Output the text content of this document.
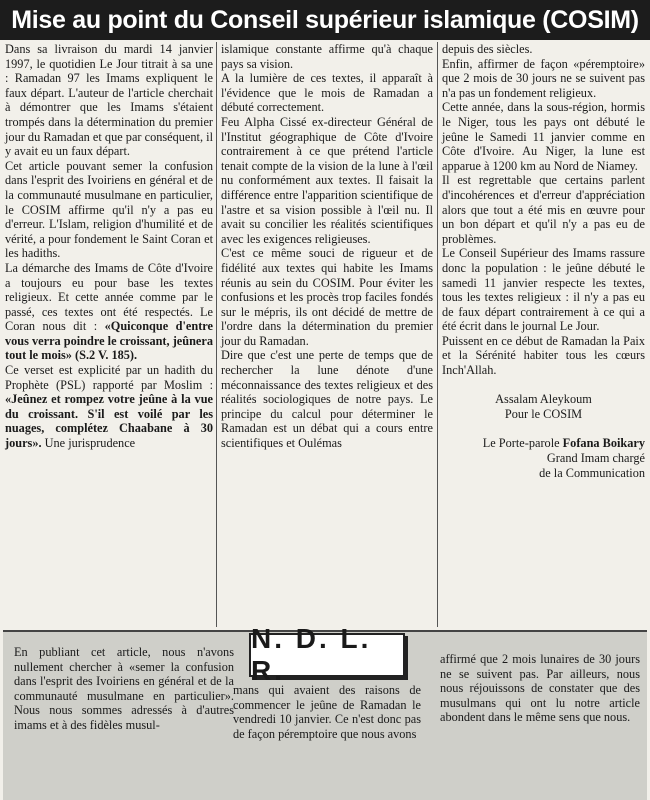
Mise au point du Conseil supérieur islamique (COSIM)

Dans sa livraison du mardi 14 janvier 1997, le quotidien Le Jour titrait à sa une : Ramadan 97 les Imams expliquent le faux départ. L'auteur de l'article cherchait à démontrer que les Imams s'étaient trompés dans la détermination du premier jour du Ramadan et que par conséquent, il y avait eu un faux départ.

Cet article pouvant semer la confusion dans l'esprit des Ivoiriens en général et de la communauté musulmane en particulier, le COSIM affirme qu'il n'y a pas eu d'erreur. L'Islam, religion d'humilité et de vérité, a pour fondement le Saint Coran et les hadiths.

La démarche des Imams de Côte d'Ivoire a toujours eu pour base les textes religieux. Et cette année comme par le passé, ces textes ont été respectés. Le Coran nous dit : «Quiconque d'entre vous verra poindre le croissant, jeûnera tout le mois» (S.2 V. 185).

Ce verset est explicité par un hadith du Prophète (PSL) rapporté par Moslim : «Jeûnez et rompez votre jeûne à la vue du croissant. S'il est voilé par les nuages, complétez Chaabane à 30 jours». Une jurisprudence

islamique constante affirme qu'à chaque pays sa vision.

A la lumière de ces textes, il apparaît à l'évidence que le mois de Ramadan a débuté correctement.

Feu Alpha Cissé ex-directeur Général de l'Institut géographique de Côte d'Ivoire contrairement à ce que prétend l'article tenait compte de la vision de la lune à l'œil nu conformément aux textes. Il faisait la différence entre l'apparition scientifique de l'astre et sa vision possible à l'œil nu. Il avait su concilier les réalités scientifiques avec les exigences religieuses.

C'est ce même souci de rigueur et de fidélité aux textes qui habite les Imams réunis au sein du COSIM. Pour éviter les confusions et les procès trop faciles fondés sur le mépris, ils ont décidé de mettre de l'ordre dans la détermination du premier jour du Ramadan.

Dire que c'est une perte de temps que de rechercher la lune dénote d'une méconnaissance des textes religieux et des réalités sociologiques de notre pays. Le principe du calcul pour déterminer le Ramadan est un débat qui a cours entre scientifiques et Oulémas

depuis des siècles.

Enfin, affirmer de façon «péremptoire» que 2 mois de 30 jours ne se suivent pas n'a pas un fondement religieux.

Cette année, dans la sous-région, hormis le Niger, tous les pays ont débuté le jeûne le Samedi 11 janvier comme en Côte d'Ivoire. Au Niger, la lune est apparue à 1200 km au Nord de Niamey.

Il est regrettable que certains parlent d'incohérences et d'erreur d'appréciation alors que tout a été mis en œuvre pour un bon départ et qu'il n'y a pas eu de problèmes.

Le Conseil Supérieur des Imams rassure donc la population : le jeûne débuté le samedi 11 janvier respecte les textes, tous les textes religieux : il n'y a pas eu de faux départ contrairement à ce qui a été écrit dans le journal Le Jour.

Puissent en ce début de Ramadan la Paix et la Sérénité habiter tous les cœurs Inch'Allah.

Assalam Aleykoum
Pour le COSIM
Le Porte-parole Fofana Boikary
Grand Imam chargé
de la Communication
N. D. L. R.
En publiant cet article, nous n'avons nullement chercher à «semer la confusion dans l'esprit des Ivoiriens en général et de la communauté musulmane en particulier». Nous nous sommes adressés à d'autres imams et à des fidèles musul-
mans qui avaient des raisons de commencer le jeûne de Ramadan le vendredi 10 janvier. Ce n'est donc pas de façon péremptoire que nous avons
affirmé que 2 mois lunaires de 30 jours ne se suivent pas. Par ailleurs, nous nous réjouissons de constater que des musulmans qui ont lu notre article abondent dans le même sens que nous.
